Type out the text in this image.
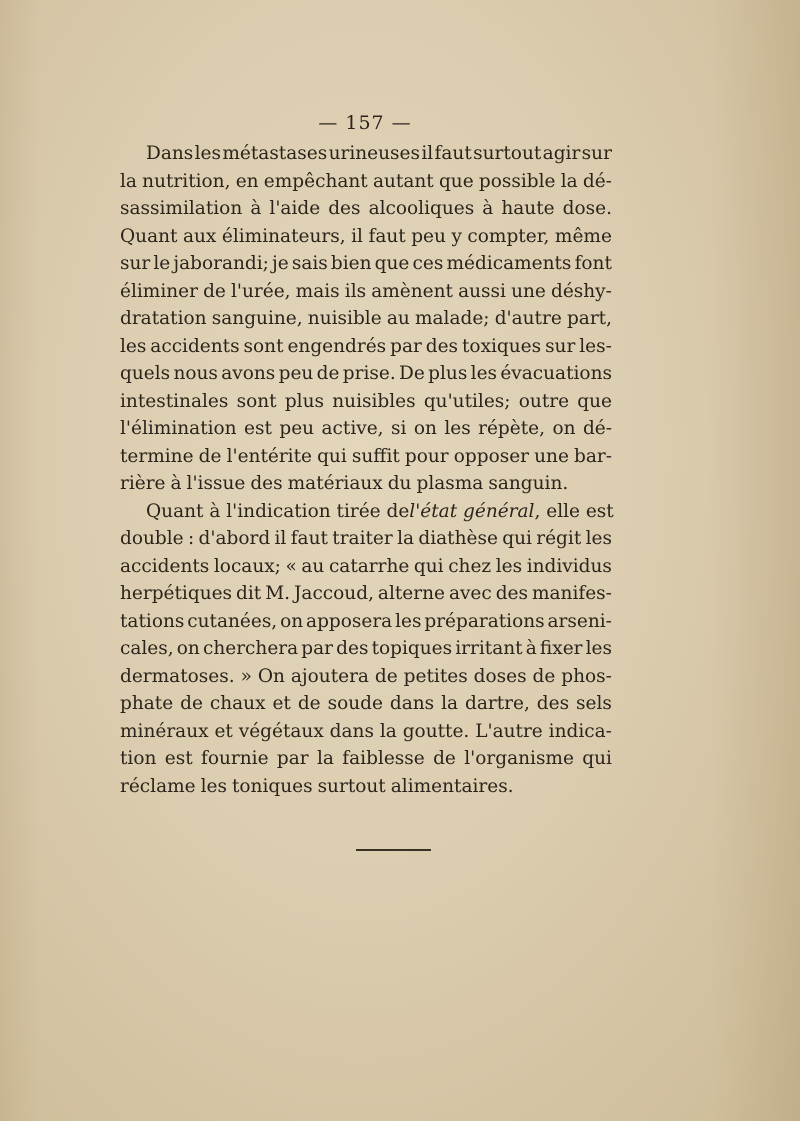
— 157 —
Dans les métastases urineuses il faut surtout agir sur
la nutrition, en empêchant autant que possible la dé-
sassimilation à l'aide des alcooliques à haute dose.
Quant aux éliminateurs, il faut peu y compter, même
sur le jaborandi; je sais bien que ces médicaments font
éliminer de l'urée, mais ils amènent aussi une déshy-
dratation sanguine, nuisible au malade; d'autre part,
les accidents sont engendrés par des toxiques sur les-
quels nous avons peu de prise. De plus les évacuations
intestinales sont plus nuisibles qu'utiles; outre que
l'élimination est peu active, si on les répète, on dé-
termine de l'entérite qui suffit pour opposer une bar-
rière à l'issue des matériaux du plasma sanguin.
Quant à l'indication tirée de l'état général , elle est
double : d'abord il faut traiter la diathèse qui régit les
accidents locaux; « au catarrhe qui chez les individus
herpétiques dit M. Jaccoud, alterne avec des manifes-
tations cutanées, on apposera les préparations arseni-
cales, on cherchera par des topiques irritant à fixer les
dermatoses. » On ajoutera de petites doses de phos-
phate de chaux et de soude dans la dartre, des sels
minéraux et végétaux dans la goutte. L'autre indica-
tion est fournie par la faiblesse de l'organisme qui
réclame les toniques surtout alimentaires.
